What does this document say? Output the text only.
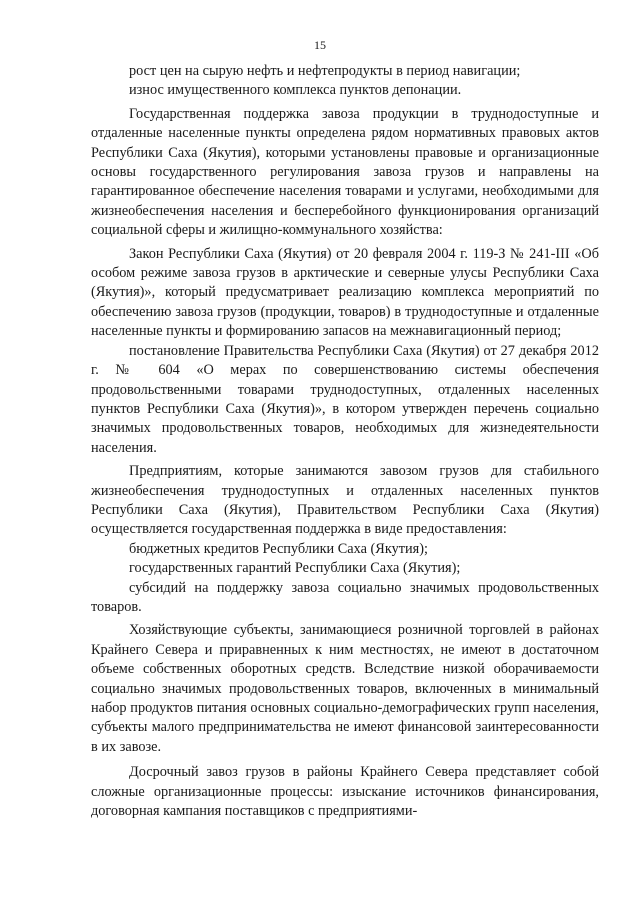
15

рост цен на сырую нефть и нефтепродукты в период навигации;

износ имущественного комплекса пунктов депонации.

Государственная поддержка завоза продукции в труднодоступные и отдаленные населенные пункты определена рядом нормативных правовых актов Республики Саха (Якутия), которыми установлены правовые и организационные основы государственного регулирования завоза грузов и направлены на гарантированное обеспечение населения товарами и услугами, необходимыми для жизнеобеспечения населения и бесперебойного функционирования организаций социальной сферы и жилищно-коммунального хозяйства:

Закон Республики Саха (Якутия) от 20 февраля 2004 г. 119-З № 241-III «Об особом режиме завоза грузов в арктические и северные улусы Республики Саха (Якутия)», который предусматривает реализацию комплекса мероприятий по обеспечению завоза грузов (продукции, товаров) в труднодоступные и отдаленные населенные пункты и формированию запасов на межнавигационный период;

постановление Правительства Республики Саха (Якутия) от 27 декабря 2012 г. № 604 «О мерах по совершенствованию системы обеспечения продовольственными товарами труднодоступных, отдаленных населенных пунктов Республики Саха (Якутия)», в котором утвержден перечень социально значимых продовольственных товаров, необходимых для жизнедеятельности населения.

Предприятиям, которые занимаются завозом грузов для стабильного жизнеобеспечения труднодоступных и отдаленных населенных пунктов Республики Саха (Якутия), Правительством Республики Саха (Якутия) осуществляется государственная поддержка в виде предоставления:

бюджетных кредитов Республики Саха (Якутия);

государственных гарантий Республики Саха (Якутия);

субсидий на поддержку завоза социально значимых продовольственных товаров.

Хозяйствующие субъекты, занимающиеся розничной торговлей в районах Крайнего Севера и приравненных к ним местностях, не имеют в достаточном объеме собственных оборотных средств. Вследствие низкой оборачиваемости социально значимых продовольственных товаров, включенных в минимальный набор продуктов питания основных социально-демографических групп населения, субъекты малого предпринимательства не имеют финансовой заинтересованности в их завозе.

Досрочный завоз грузов в районы Крайнего Севера представляет собой сложные организационные процессы: изыскание источников финансирования, договорная кампания поставщиков с предприятиями-
